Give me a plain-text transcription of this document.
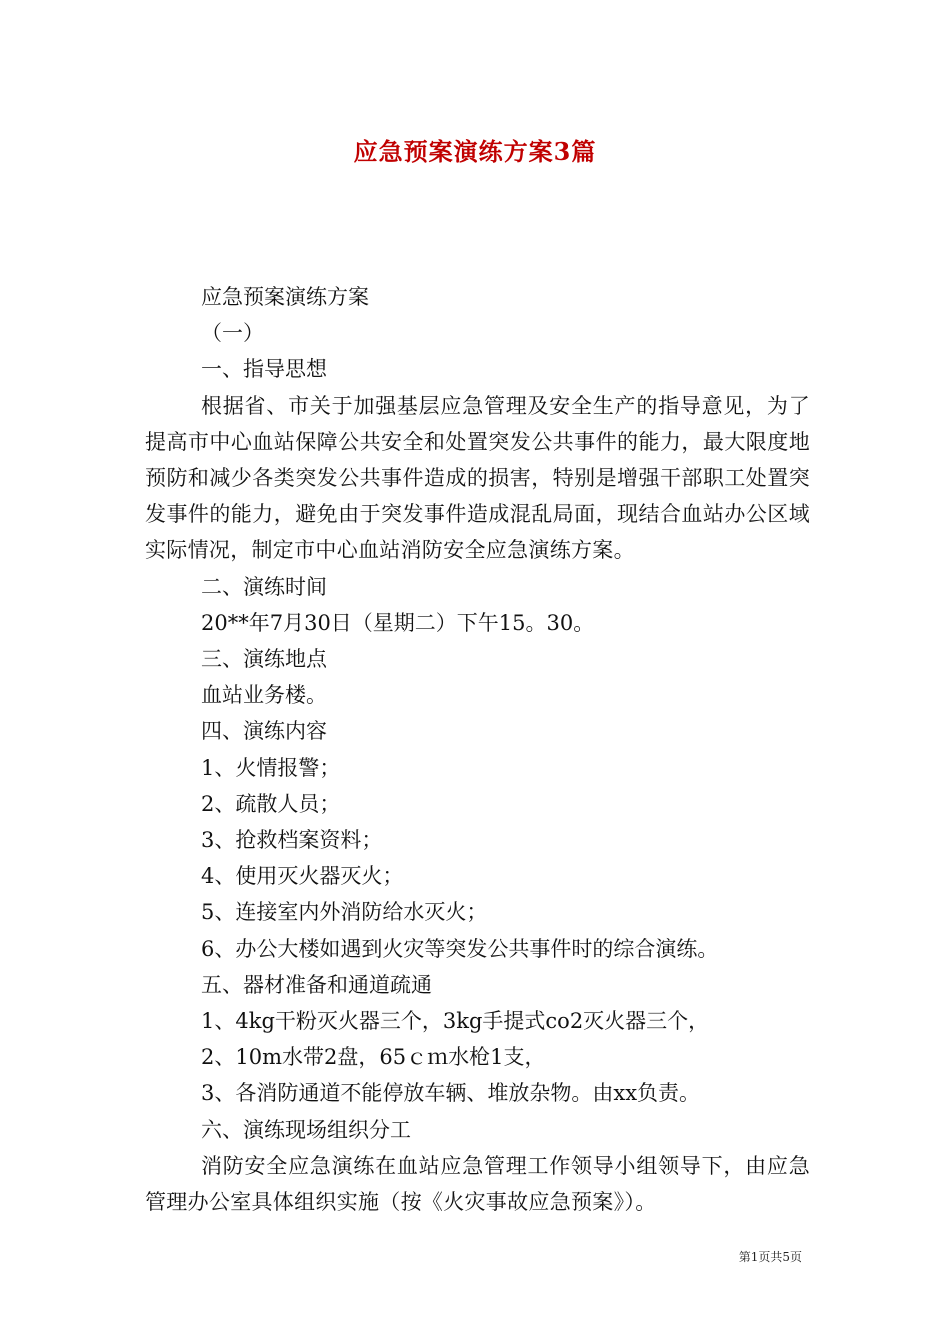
应急预案演练方案3篇

应急预案演练方案

（一）

一、指导思想

根据省、市关于加强基层应急管理及安全生产的指导意见，为了提高市中心血站保障公共安全和处置突发公共事件的能力，最大限度地预防和减少各类突发公共事件造成的损害，特别是增强干部职工处置突发事件的能力，避免由于突发事件造成混乱局面，现结合血站办公区域实际情况，制定市中心血站消防安全应急演练方案。

二、演练时间

20**年7月30日（星期二）下午15。30。

三、演练地点

血站业务楼。

四、演练内容

1、火情报警；

2、疏散人员；

3、抢救档案资料；

4、使用灭火器灭火；

5、连接室内外消防给水灭火；

6、办公大楼如遇到火灾等突发公共事件时的综合演练。

五、器材准备和通道疏通

1、4kg干粉灭火器三个，3kg手提式co2灭火器三个，

2、10m水带2盘，65ｃｍ水枪1支，

3、各消防通道不能停放车辆、堆放杂物。由xx负责。

六、演练现场组织分工

消防安全应急演练在血站应急管理工作领导小组领导下，由应急管理办公室具体组织实施（按《火灾事故应急预案》）。

第1页共5页
